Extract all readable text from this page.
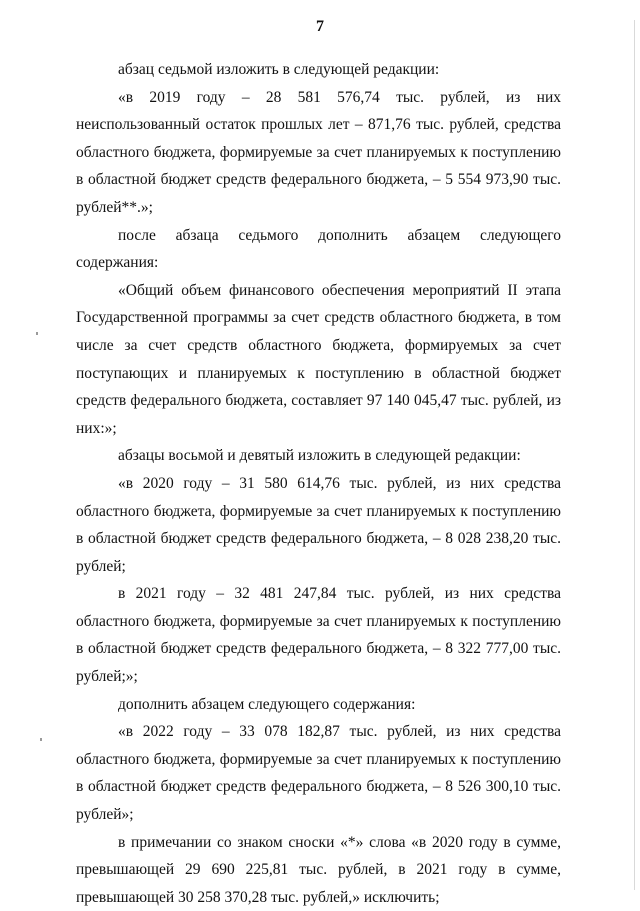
7

абзац седьмой изложить в следующей редакции:

«в 2019 году – 28 581 576,74 тыс. рублей, из них неиспользованный остаток прошлых лет – 871,76 тыс. рублей, средства областного бюджета, формируемые за счет планируемых к поступлению в областной бюджет средств федерального бюджета, – 5 554 973,90 тыс. рублей**.»;

после абзаца седьмого дополнить абзацем следующего содержания:

«Общий объем финансового обеспечения мероприятий II этапа Государственной программы за счет средств областного бюджета, в том числе за счет средств областного бюджета, формируемых за счет поступающих и планируемых к поступлению в областной бюджет средств федерального бюджета, составляет 97 140 045,47 тыс. рублей, из них:»;

абзацы восьмой и девятый изложить в следующей редакции:

«в 2020 году – 31 580 614,76 тыс. рублей, из них средства областного бюджета, формируемые за счет планируемых к поступлению в областной бюджет средств федерального бюджета, – 8 028 238,20 тыс. рублей;

в 2021 году – 32 481 247,84 тыс. рублей, из них средства областного бюджета, формируемые за счет планируемых к поступлению в областной бюджет средств федерального бюджета, – 8 322 777,00 тыс. рублей;»;

дополнить абзацем следующего содержания:

«в 2022 году – 33 078 182,87 тыс. рублей, из них средства областного бюджета, формируемые за счет планируемых к поступлению в областной бюджет средств федерального бюджета, – 8 526 300,10 тыс. рублей»;

в примечании со знаком сноски «*» слова «в 2020 году в сумме, превышающей 29 690 225,81 тыс. рублей, в 2021 году в сумме, превышающей 30 258 370,28 тыс. рублей,» исключить;
